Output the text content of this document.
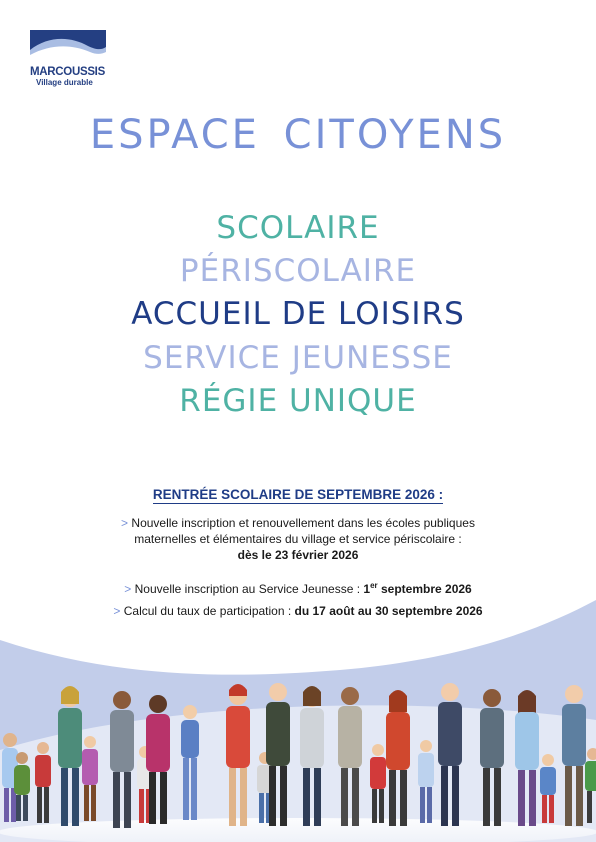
MARCOUSSIS
Village durable
ESPACE CITOYENS
SCOLAIRE
PÉRISCOLAIRE
ACCUEIL DE LOISIRS
SERVICE JEUNESSE
RÉGIE UNIQUE
RENTRÉE SCOLAIRE DE SEPTEMBRE 2026 :
> Nouvelle inscription et renouvellement dans les écoles publiques
maternelles et élémentaires du village et service périscolaire :
dès le 23 février 2026
> Nouvelle inscription au Service Jeunesse : 1er septembre 2026
> Calcul du taux de participation : du 17 août au 30 septembre 2026
